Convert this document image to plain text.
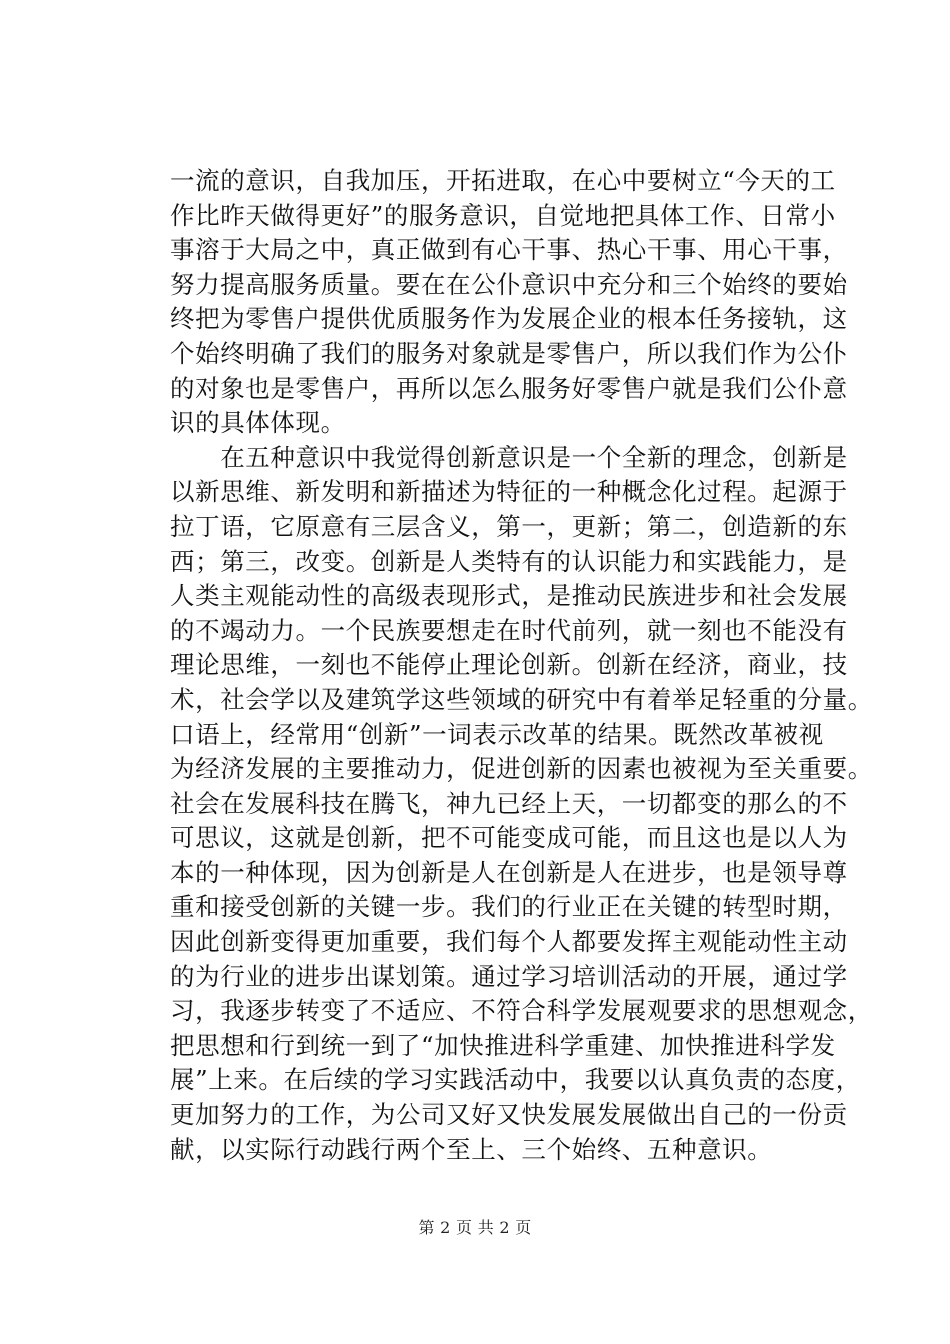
一流的意识，自我加压，开拓进取，在心中要树立“今天的工
作比昨天做得更好”的服务意识，自觉地把具体工作、日常小
事溶于大局之中，真正做到有心干事、热心干事、用心干事，
努力提高服务质量。要在在公仆意识中充分和三个始终的要始
终把为零售户提供优质服务作为发展企业的根本任务接轨，这
个始终明确了我们的服务对象就是零售户，所以我们作为公仆
的对象也是零售户，再所以怎么服务好零售户就是我们公仆意
识的具体体现。
　　在五种意识中我觉得创新意识是一个全新的理念，创新是
以新思维、新发明和新描述为特征的一种概念化过程。起源于
拉丁语，它原意有三层含义，第一，更新；第二，创造新的东
西；第三，改变。创新是人类特有的认识能力和实践能力，是
人类主观能动性的高级表现形式，是推动民族进步和社会发展
的不竭动力。一个民族要想走在时代前列，就一刻也不能没有
理论思维，一刻也不能停止理论创新。创新在经济，商业，技
术，社会学以及建筑学这些领域的研究中有着举足轻重的分量。
口语上，经常用“创新”一词表示改革的结果。既然改革被视
为经济发展的主要推动力，促进创新的因素也被视为至关重要。
社会在发展科技在腾飞，神九已经上天，一切都变的那么的不
可思议，这就是创新，把不可能变成可能，而且这也是以人为
本的一种体现，因为创新是人在创新是人在进步，也是领导尊
重和接受创新的关键一步。我们的行业正在关键的转型时期，
因此创新变得更加重要，我们每个人都要发挥主观能动性主动
的为行业的进步出谋划策。通过学习培训活动的开展，通过学
习，我逐步转变了不适应、不符合科学发展观要求的思想观念，
把思想和行到统一到了“加快推进科学重建、加快推进科学发
展”上来。在后续的学习实践活动中，我要以认真负责的态度，
更加努力的工作，为公司又好又快发展发展做出自己的一份贡
献，以实际行动践行两个至上、三个始终、五种意识。
第 2 页 共 2 页
